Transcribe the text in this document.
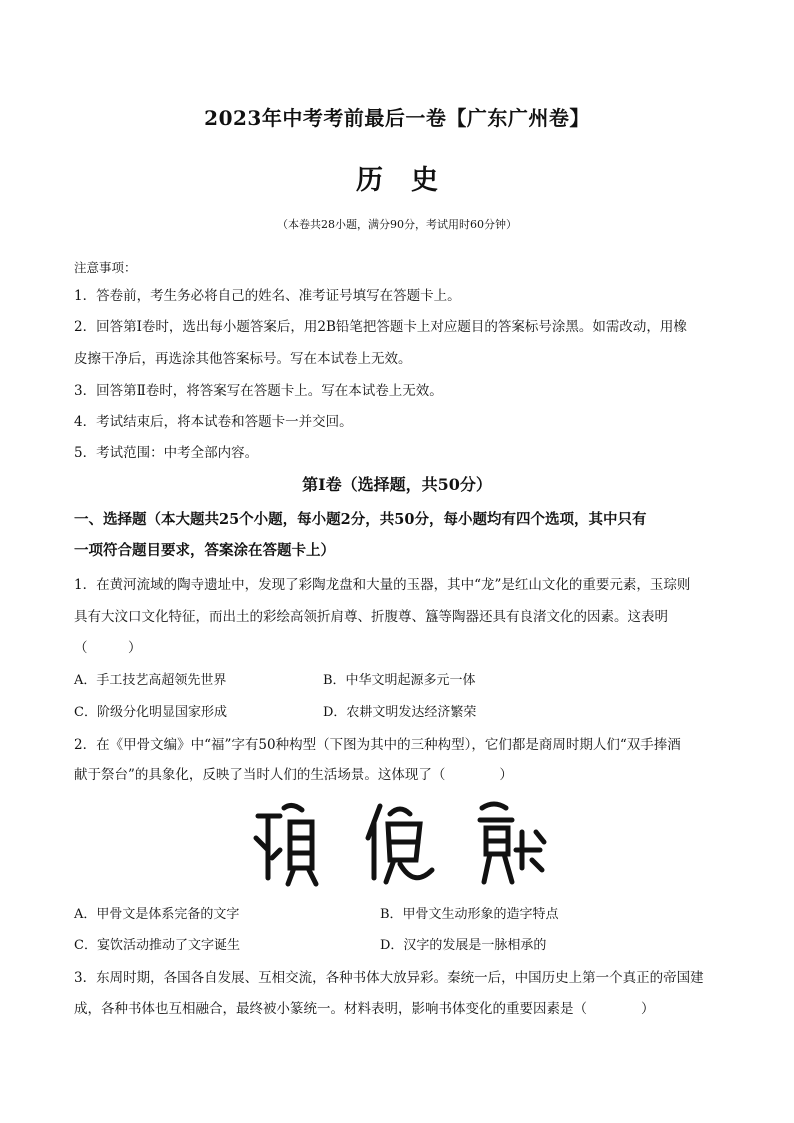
2023年中考考前最后一卷【广东广州卷】
历史
（本卷共28小题，满分90分，考试用时60分钟）
注意事项：
1．答卷前，考生务必将自己的姓名、准考证号填写在答题卡上。
2．回答第Ⅰ卷时，选出每小题答案后，用2B铅笔把答题卡上对应题目的答案标号涂黑。如需改动，用橡
皮擦干净后，再选涂其他答案标号。写在本试卷上无效。
3．回答第Ⅱ卷时，将答案写在答题卡上。写在本试卷上无效。
4．考试结束后，将本试卷和答题卡一并交回。
5．考试范围：中考全部内容。
第Ⅰ卷（选择题，共50分）
一、选择题（本大题共25个小题，每小题2分，共50分，每小题均有四个选项，其中只有
一项符合题目要求，答案涂在答题卡上）
1．在黄河流域的陶寺遗址中，发现了彩陶龙盘和大量的玉器，其中“龙”是红山文化的重要元素，玉琮则
具有大汶口文化特征，而出土的彩绘高领折肩尊、折腹尊、簋等陶器还具有良渚文化的因素。这表明
（　　　）
A．手工技艺高超领先世界	B．中华文明起源多元一体
C．阶级分化明显国家形成	D．农耕文明发达经济繁荣
2．在《甲骨文编》中“福”字有50种构型（下图为其中的三种构型），它们都是商周时期人们“双手捧酒
献于祭台”的具象化，反映了当时人们的生活场景。这体现了（　　　　）
A．甲骨文是体系完备的文字	B．甲骨文生动形象的造字特点
C．宴饮活动推动了文字诞生	D．汉字的发展是一脉相承的
3．东周时期，各国各自发展、互相交流，各种书体大放异彩。秦统一后，中国历史上第一个真正的帝国建
成，各种书体也互相融合，最终被小篆统一。材料表明，影响书体变化的重要因素是（　　　　）
